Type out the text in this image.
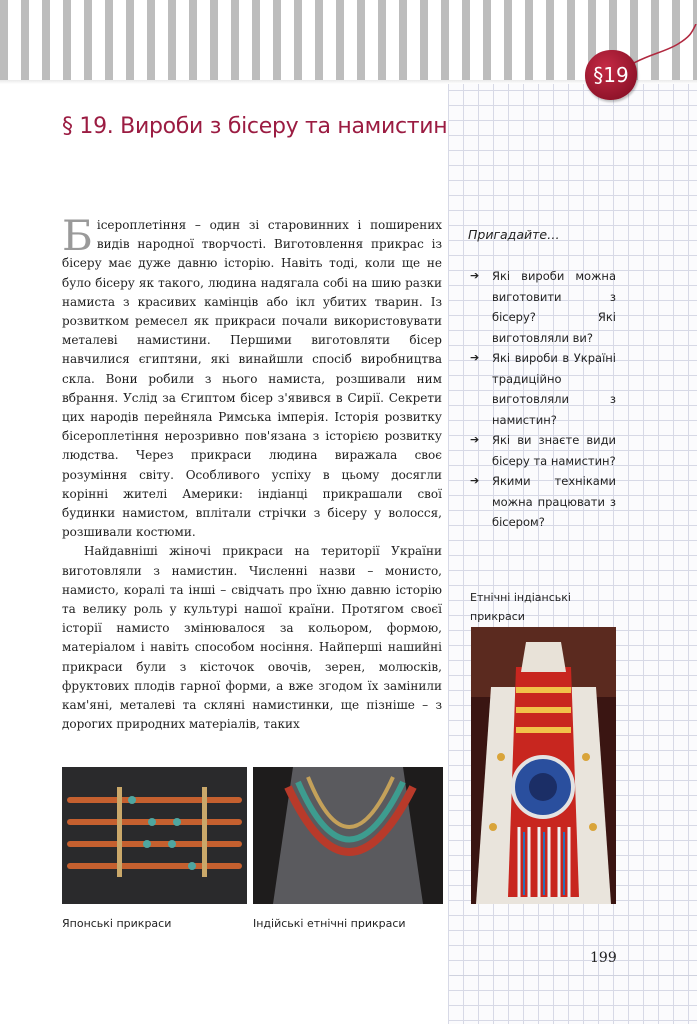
§19
§ 19. Вироби з бісеру та намистин

Б ісероплетіння – один зі старовинних і поширених видів народної творчості. Виготовлення прикрас із бісеру має дуже давню історію. Навіть тоді, коли ще не було бісеру як такого, людина надягала собі на шию разки намиста з красивих камінців або ікл убитих тварин. Із розвитком ремесел як прикраси почали використовувати металеві намистини. Першими виготовляти бісер навчилися єгиптяни, які винайшли спосіб виробництва скла. Вони робили з нього намиста, розшивали ним вбрання. Услід за Єгиптом бісер з'явився в Сирії. Секрети цих народів перейняла Римська імперія. Історія розвитку бісероплетіння нерозривно пов'язана з історією розвитку людства. Через прикраси людина виражала своє розуміння світу. Особливого успіху в цьому досягли корінні жителі Америки: індіанці прикрашали свої будинки намистом, вплітали стрічки з бісеру у волосся, розшивали костюми.

Найдавніші жіночі прикраси на території України виготовляли з намистин. Численні назви – монисто, намисто, коралі та інші – свідчать про їхню давню історію та велику роль у культурі нашої країни. Протягом своєї історії намисто змінювалося за кольором, формою, матеріалом і навіть способом носіння. Найперші нашийні прикраси були з кісточок овочів, зерен, молюсків, фруктових плодів гарної форми, а вже згодом їх замінили кам'яні, металеві та скляні намистинки, ще пізніше – з дорогих природних матеріалів, таких

Пригадайте…
➔ Які вироби можна виготовити з бісеру? Які виготовляли ви?
➔ Які вироби в Україні традиційно виготовляли з намистин?
➔ Які ви знаєте види бісеру та намистин?
➔ Якими техніками можна працювати з бісером?
Етнічні індіанські прикраси
Японські прикраси	Індійські етнічні прикраси
199
